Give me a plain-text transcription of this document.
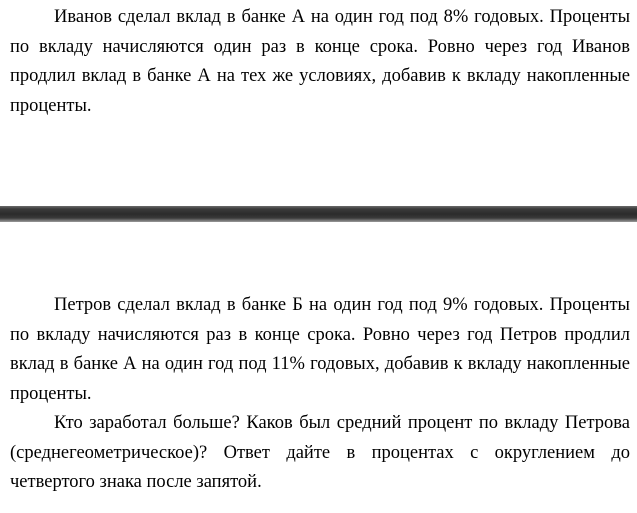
Иванов сделал вклад в банке А на один год под 8% годовых. Проценты по вкладу начисляются один раз в конце срока. Ровно через год Иванов продлил вклад в банке А на тех же условиях, добавив к вкладу накопленные проценты.

Петров сделал вклад в банке Б на один год под 9% годовых. Проценты по вкладу начисляются раз в конце срока. Ровно через год Петров продлил вклад в банке А на один год под 11% годовых, добавив к вкладу накопленные проценты.

Кто заработал больше? Каков был средний процент по вкладу Петрова (среднегеометрическое)? Ответ дайте в процентах с округлением до четвертого знака после запятой.
